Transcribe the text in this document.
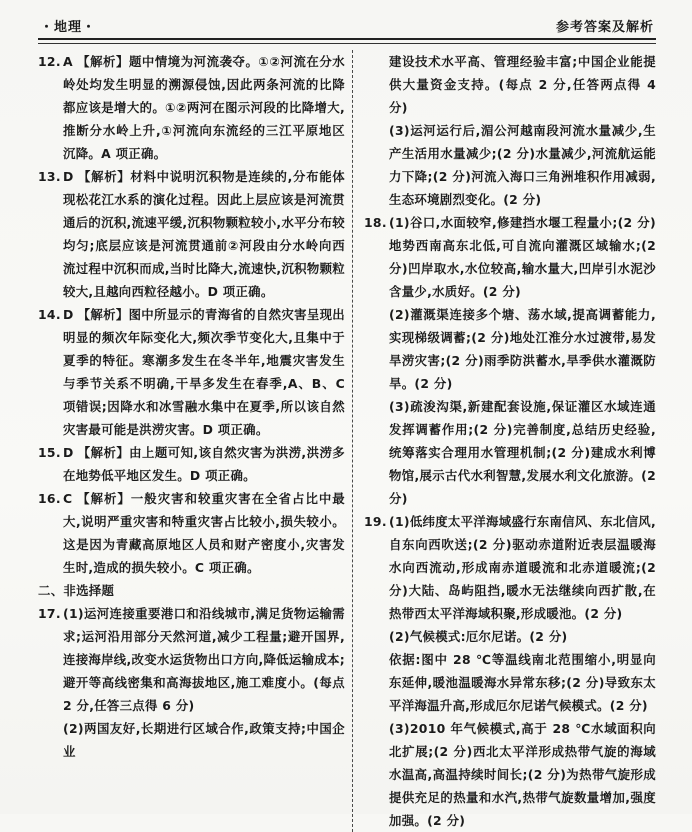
・地理・	参考答案及解析
12. A 【解析】题中情境为河流袭夺。①②河流在分水岭处均发生明显的溯源侵蚀,因此两条河流的比降都应该是增大的。①②两河在图示河段的比降增大,推断分水岭上升,①河流向东流经的三江平原地区沉降。A 项正确。

13. D 【解析】材料中说明沉积物是连续的,分布能体现松花江水系的演化过程。因此上层应该是河流贯通后的沉积,流速平缓,沉积物颗粒较小,水平分布较均匀;底层应该是河流贯通前②河段由分水岭向西流过程中沉积而成,当时比降大,流速快,沉积物颗粒较大,且越向西粒径越小。D 项正确。

14. D 【解析】图中所显示的青海省的自然灾害呈现出明显的频次年际变化大,频次季节变化大,且集中于夏季的特征。寒潮多发生在冬半年,地震灾害发生与季节关系不明确,干旱多发生在春季,A、B、C 项错误;因降水和冰雪融水集中在夏季,所以该自然灾害最可能是洪涝灾害。D 项正确。

15. D 【解析】由上题可知,该自然灾害为洪涝,洪涝多在地势低平地区发生。D 项正确。

16. C 【解析】一般灾害和较重灾害在全省占比中最大,说明严重灾害和特重灾害占比较小,损失较小。这是因为青藏高原地区人员和财产密度小,灾害发生时,造成的损失较小。C 项正确。

二、非选择题
17. (1)运河连接重要港口和沿线城市,满足货物运输需求;运河沿用部分天然河道,减少工程量;避开国界,连接海岸线,改变水运货物出口方向,降低运输成本;避开等高线密集和高海拔地区,施工难度小。(每点 2 分,任答三点得 6 分)

(2)两国友好,长期进行区域合作,政策支持;中国企业

建设技术水平高、管理经验丰富;中国企业能提供大量资金支持。(每点 2 分,任答两点得 4 分)

(3)运河运行后,湄公河越南段河流水量减少,生产生活用水量减少;(2 分)水量减少,河流航运能力下降;(2 分)河流入海口三角洲堆积作用减弱,生态环境剧烈变化。(2 分)

18. (1)谷口,水面较窄,修建挡水堰工程量小;(2 分)地势西南高东北低,可自流向灌溉区域输水;(2 分)凹岸取水,水位较高,输水量大,凹岸引水泥沙含量少,水质好。(2 分)

(2)灌溉渠连接多个塘、荡水域,提高调蓄能力,实现梯级调蓄;(2 分)地处江淮分水过渡带,易发旱涝灾害;(2 分)雨季防洪蓄水,旱季供水灌溉防旱。(2 分)

(3)疏浚沟渠,新建配套设施,保证灌区水域连通发挥调蓄作用;(2 分)完善制度,总结历史经验,统筹落实合理用水管理机制;(2 分)建成水利博物馆,展示古代水利智慧,发展水利文化旅游。(2 分)

19. (1)低纬度太平洋海域盛行东南信风、东北信风,自东向西吹送;(2 分)驱动赤道附近表层温暖海水向西流动,形成南赤道暖流和北赤道暖流;(2 分)大陆、岛屿阻挡,暖水无法继续向西扩散,在热带西太平洋海域积聚,形成暖池。(2 分)

(2)气候模式:厄尔尼诺。(2 分)

依据:图中 28 ℃等温线南北范围缩小,明显向东延伸,暖池温暖海水异常东移;(2 分)导致东太平洋海温升高,形成厄尔尼诺气候模式。(2 分)

(3)2010 年气候模式,高于 28 ℃水域面积向北扩展;(2 分)西北太平洋形成热带气旋的海域水温高,高温持续时间长;(2 分)为热带气旋形成提供充足的热量和水汽,热带气旋数量增加,强度加强。(2 分)
